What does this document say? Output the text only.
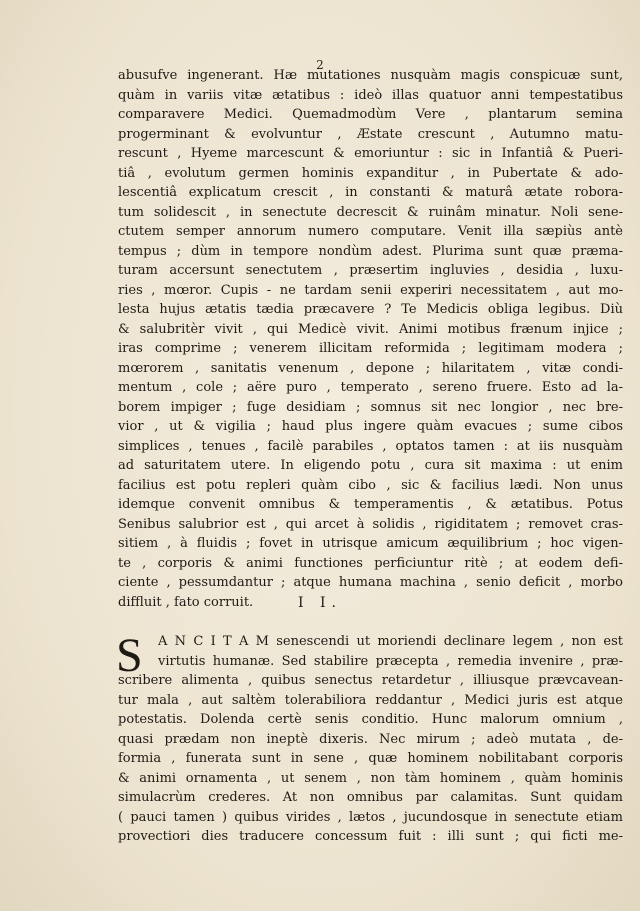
2
abusufve ingenerant. Hæ mutationes nusquàm magis conspicuæ sunt,
quàm in variis vitæ ætatibus : ideò illas quatuor anni tempestatibus
comparavere Medici. Quemadmodùm Vere , plantarum semina
progerminant & evolvuntur , Æstate crescunt , Autumno matu-
rescunt , Hyeme marcescunt & emoriuntur : sic in Infantiâ & Pueri-
tiâ , evolutum germen hominis expanditur , in Pubertate & ado-
lescentiâ explicatum crescit , in constanti & maturâ ætate robora-
tum solidescit , in senectute decrescit & ruinâm minatur. Noli sene-
ctutem semper annorum numero computare. Venit illa sæpiùs antè
tempus ; dùm in tempore nondùm adest. Plurima sunt quæ præma-
turam accersunt senectutem , præsertim ingluvies , desidia , luxu-
ries , mœror. Cupis - ne tardam senii experiri necessitatem , aut mo-
lesta hujus ætatis tædia præcavere ? Te Medicis obliga legibus. Diù
& salubritèr vivit , qui Medicè vivit. Animi motibus frænum injice ;
iras comprime ; venerem illicitam reformida ; legitimam modera ;
mœrorem , sanitatis venenum , depone ; hilaritatem , vitæ condi-
mentum , cole ; aëre puro , temperato , sereno fruere. Esto ad la-
borem impiger ; fuge desidiam ; somnus sit nec longior , nec bre-
vior , ut & vigilia ; haud plus ingere quàm evacues ; sume cibos
simplices , tenues , facilè parabiles , optatos tamen : at iis nusquàm
ad saturitatem utere. In eligendo potu , cura sit maxima : ut enim
facilius est potu repleri quàm cibo , sic & facilius lædi. Non unus
idemque convenit omnibus & temperamentis , & ætatibus. Potus
Senibus salubrior est , qui arcet à solidis , rigiditatem ; removet cras-
sitiem , à fluidis ; fovet in utrisque amicum æquilibrium ; hoc vigen-
te , corporis & animi functiones perficiuntur ritè ; at eodem defi-
ciente , pessumdantur ; atque humana machina , senio deficit , morbo
diffluit , fato corruit.	I I.
S A N C I T A M senescendi ut moriendi declinare legem , non est
virtutis humanæ. Sed stabilire præcepta , remedia invenire , præ-
scribere alimenta , quibus senectus retardetur , illiusque prævcavean-
tur mala , aut saltèm tolerabiliora reddantur , Medici juris est atque
potestatis. Dolenda certè senis conditio. Hunc malorum omnium ,
quasi prædam non ineptè dixeris. Nec mirum ; adeò mutata , de-
formia , funerata sunt in sene , quæ hominem nobilitabant corporis
& animi ornamenta , ut senem , non tàm hominem , quàm hominis
simulacrùm crederes. At non omnibus par calamitas. Sunt quidam
( pauci tamen ) quibus virides , lætos , jucundosque in senectute etiam
provectiori dies traducere concessum fuit : illi sunt ; qui ficti me-
